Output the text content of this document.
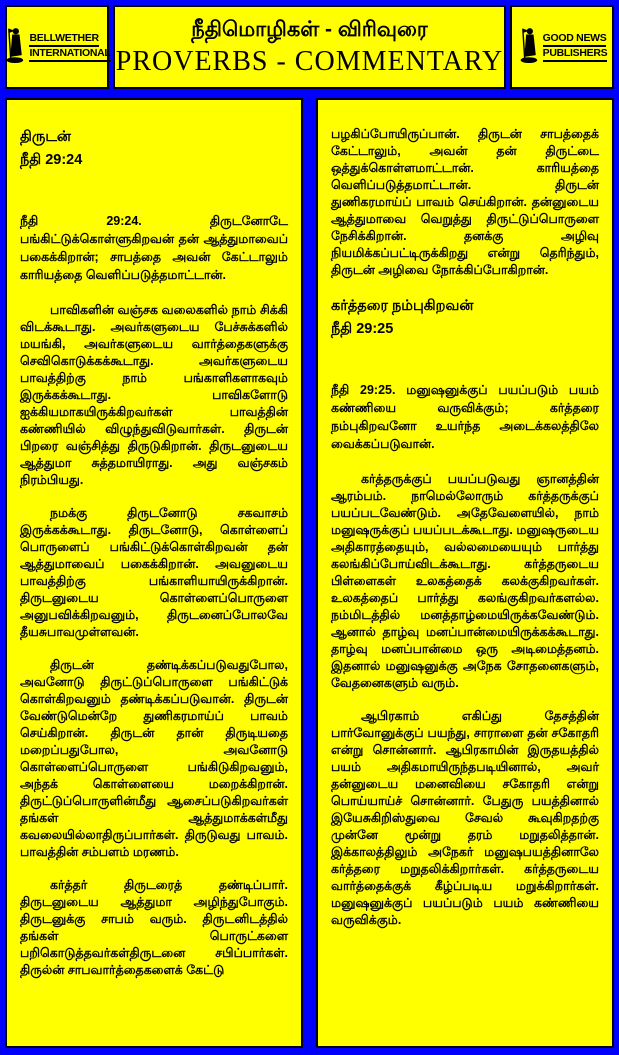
BELLWETHER
INTERNATIONAL
நீதிமொழிகள் - விரிவுரை
PROVERBS - COMMENTARY
GOOD NEWS
PUBLISHERS
திருடன்
நீதி 29:24

நீதி 29:24. திருடனோடே பங்கிட்டுக்கொள்ளுகிறவன் தன் ஆத்துமாவைப் பகைக்கிறான்; சாபத்தை அவன் கேட்டாலும் காரியத்தை வெளிப்படுத்தமாட்டான்.

பாவிகளின் வஞ்சக வலைகளில் நாம் சிக்கி விடக்கூடாது. அவர்களுடைய பேச்சுக்களில் மயங்கி, அவர்களுடைய வார்த்தைகளுக்கு செவிகொடுக்கக்கூடாது. அவர்களுடைய பாவத்திற்கு நாம் பங்காளிகளாகவும் இருக்கக்கூடாது. பாவிகளோடு ஐக்கியமாகயிருக்கிறவர்கள் பாவத்தின் கண்ணியில் விழுந்துவிடுவார்கள். திருடன் பிறரை வஞ்சித்து திருடுகிறான். திருடனுடைய ஆத்துமா சுத்தமாயிராது. அது வஞ்சகம் நிரம்பியது.

நமக்கு திருடனோடு சகவாசம் இருக்கக்கூடாது. திருடனோடு, கொள்ளைப் பொருளைப் பங்கிட்டுக்கொள்கிறவன் தன் ஆத்துமாவைப் பகைக்கிறான். அவனுடைய பாவத்திற்கு பங்காளியாயிருக்கிறான். திருடனுடைய கொள்ளைப்பொருளை அனுபவிக்கிறவனும், திருடனைப்போலவே தீயசுபாவமுள்ளவன்.

திருடன் தண்டிக்கப்படுவதுபோல, அவனோடு திருட்டுப்பொருளை பங்கிட்டுக் கொள்கிறவனும் தண்டிக்கப்படுவான். திருடன் வேண்டுமென்றே துணிகரமாய்ப் பாவம் செய்கிறான். திருடன் தான் திருடியதை மறைப்பதுபோல, அவனோடு கொள்ளைப்பொருளை பங்கிடுகிறவனும், அந்தக் கொள்ளையை மறைக்கிறான். திருட்டுப்பொருளின்மீது ஆசைப்படுகிறவர்கள் தங்கள் ஆத்துமாக்கள்மீது கவலையில்லாதிருப்பார்கள். திருடுவது பாவம். பாவத்தின் சம்பளம் மரணம்.

கர்த்தர் திருடரைத் தண்டிப்பார். திருடனுடைய ஆத்துமா அழிந்துபோகும். திருடனுக்கு சாபம் வரும். திருடனிடத்தில் தங்கள் பொருட்களை பறிகொடுத்தவர்கள்திருடனை சபிப்பார்கள். திருல்ன் சாபவார்த்தைகளைக் கேட்டு

பழகிப்போயிருப்பான். திருடன் சாபத்தைக் கேட்டாலும், அவன் தன் திருட்டை ஒத்துக்கொள்ளமாட்டான். காரியத்தை வெளிப்படுத்தமாட்டான். திருடன் துணிகரமாய்ப் பாவம் செய்கிறான். தன்னுடைய ஆத்துமாவை வெறுத்து திருட்டுப்பொருளை நேசிக்கிறான். தனக்கு அழிவு நியமிக்கப்பட்டிருக்கிறது என்று தெரிந்தும், திருடன் அழிவை நோக்கிப்போகிறான்.

கர்த்தரை நம்புகிறவன்
நீதி 29:25

நீதி 29:25. மனுஷனுக்குப் பயப்படும் பயம் கண்ணியை வருவிக்கும்; கர்த்தரை நம்புகிறவனோ உயர்ந்த அடைக்கலத்திலே வைக்கப்படுவான்.

கர்த்தருக்குப் பயப்படுவது ஞானத்தின் ஆரம்பம். நாமெல்லோரும் கர்த்தருக்குப் பயப்படவேண்டும். அதேவேளையில், நாம் மனுஷருக்குப் பயப்படக்கூடாது. மனுஷருடைய அதிகாரத்தையும், வல்லமையையும் பார்த்து கலங்கிப்போய்விடக்கூடாது. கர்த்தருடைய பிள்ளைகள் உலகத்தைக் கலக்குகிறவர்கள். உலகத்தைப் பார்த்து கலங்குகிறவர்களல்ல. நம்மிடத்தில் மனத்தாழ்மையிருக்கவேண்டும். ஆனால் தாழ்வு மனப்பான்மையிருக்கக்கூடாது. தாழ்வு மனப்பான்மை ஒரு அடிமைத்தனம். இதனால் மனுஷனுக்கு அநேக சோதனைகளும், வேதனைகளும் வரும்.

ஆபிரகாம் எகிப்து தேசத்தின் பார்வோனுக்குப் பயந்து, சாராளை தன் சகோதரி என்று சொன்னார். ஆபிரகாமின் இருதயத்தில் பயம் அதிகமாயிருந்தபடியினால், அவர் தன்னுடைய மனைவியை சகோதரி என்று பொய்யாய்ச் சொன்னார். பேதுரு பயத்தினால் இயேசுகிறிஸ்துவை சேவல் கூவுகிறதற்கு முன்னே மூன்று தரம் மறுதலித்தான். இக்காலத்திலும் அநேகர் மனுஷபயத்தினாலே கர்த்தரை மறுதலிக்கிறார்கள். கர்த்தருடைய வார்த்தைக்குக் கீழ்ப்படிய மறுக்கிறார்கள். மனுஷனுக்குப் பயப்படும் பயம் கண்ணியை வருவிக்கும்.
